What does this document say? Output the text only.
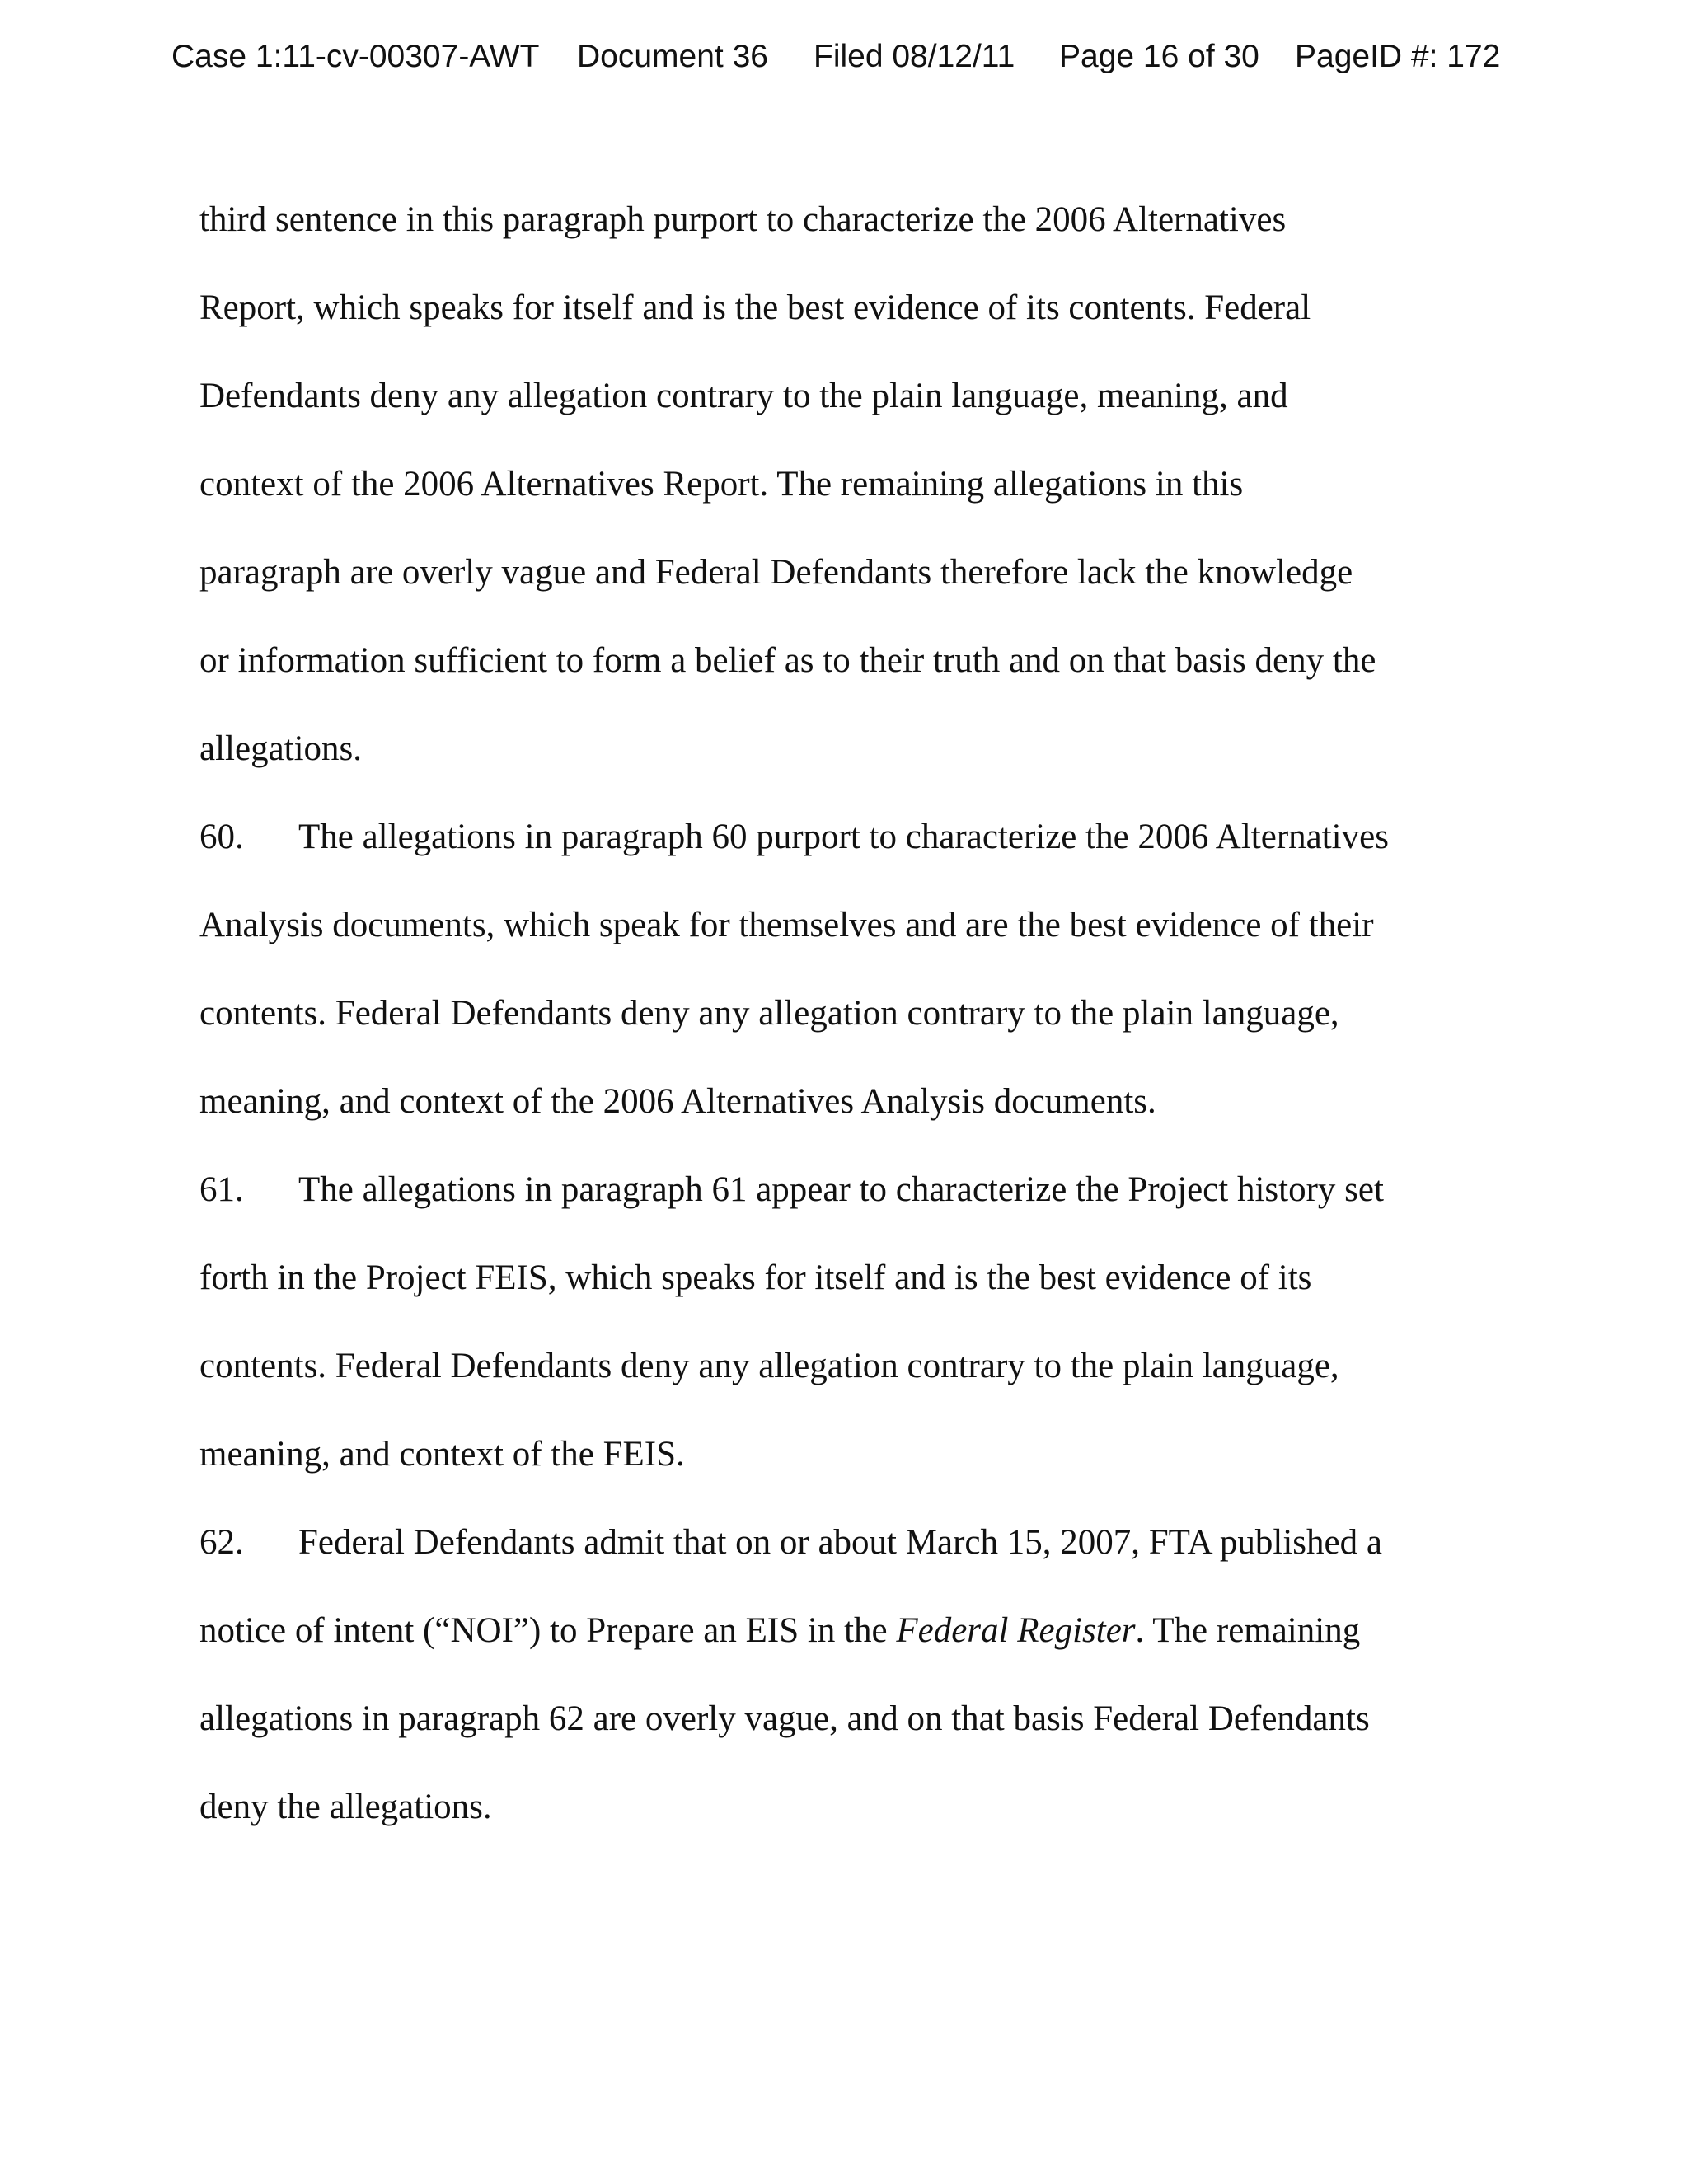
Case 1:11-cv-00307-AWT Document 36 Filed 08/12/11 Page 16 of 30 PageID #: 172
third sentence in this paragraph purport to characterize the 2006 Alternatives
Report, which speaks for itself and is the best evidence of its contents. Federal
Defendants deny any allegation contrary to the plain language, meaning, and
context of the 2006 Alternatives Report. The remaining allegations in this
paragraph are overly vague and Federal Defendants therefore lack the knowledge
or information sufficient to form a belief as to their truth and on that basis deny the
allegations.
60. The allegations in paragraph 60 purport to characterize the 2006 Alternatives
Analysis documents, which speak for themselves and are the best evidence of their
contents. Federal Defendants deny any allegation contrary to the plain language,
meaning, and context of the 2006 Alternatives Analysis documents.
61. The allegations in paragraph 61 appear to characterize the Project history set
forth in the Project FEIS, which speaks for itself and is the best evidence of its
contents. Federal Defendants deny any allegation contrary to the plain language,
meaning, and context of the FEIS.
62. Federal Defendants admit that on or about March 15, 2007, FTA published a
notice of intent (“NOI”) to Prepare an EIS in the Federal Register. The remaining
allegations in paragraph 62 are overly vague, and on that basis Federal Defendants
deny the allegations.
